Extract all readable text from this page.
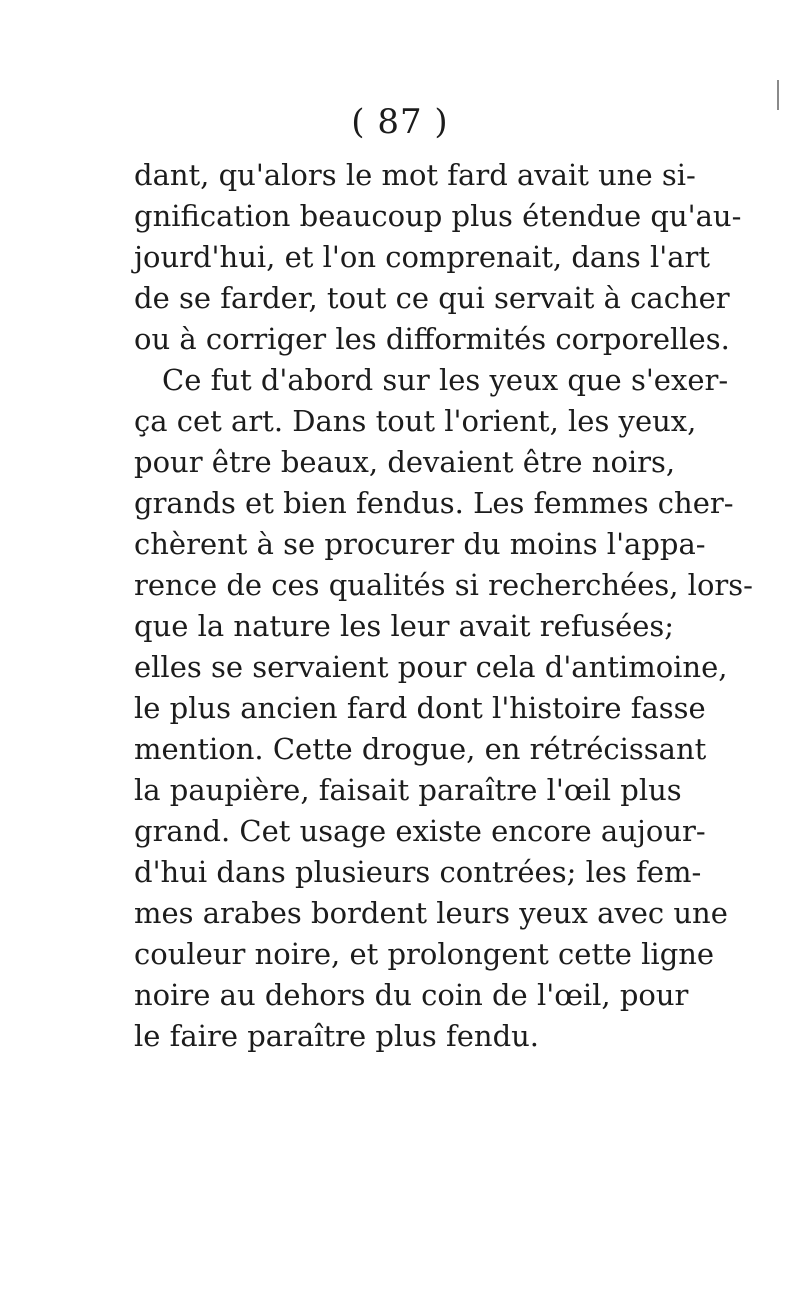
( 87 )
dant, qu'alors le mot fard avait une si-
gnification beaucoup plus étendue qu'au-
jourd'hui, et l'on comprenait, dans l'art
de se farder, tout ce qui servait à cacher
ou à corriger les difformités corporelles.
Ce fut d'abord sur les yeux que s'exer-
ça cet art. Dans tout l'orient, les yeux,
pour être beaux, devaient être noirs,
grands et bien fendus. Les femmes cher-
chèrent à se procurer du moins l'appa-
rence de ces qualités si recherchées, lors-
que la nature les leur avait refusées;
elles se servaient pour cela d'antimoine,
le plus ancien fard dont l'histoire fasse
mention. Cette drogue, en rétrécissant
la paupière, faisait paraître l'œil plus
grand. Cet usage existe encore aujour-
d'hui dans plusieurs contrées; les fem-
mes arabes bordent leurs yeux avec une
couleur noire, et prolongent cette ligne
noire au dehors du coin de l'œil, pour
le faire paraître plus fendu.
